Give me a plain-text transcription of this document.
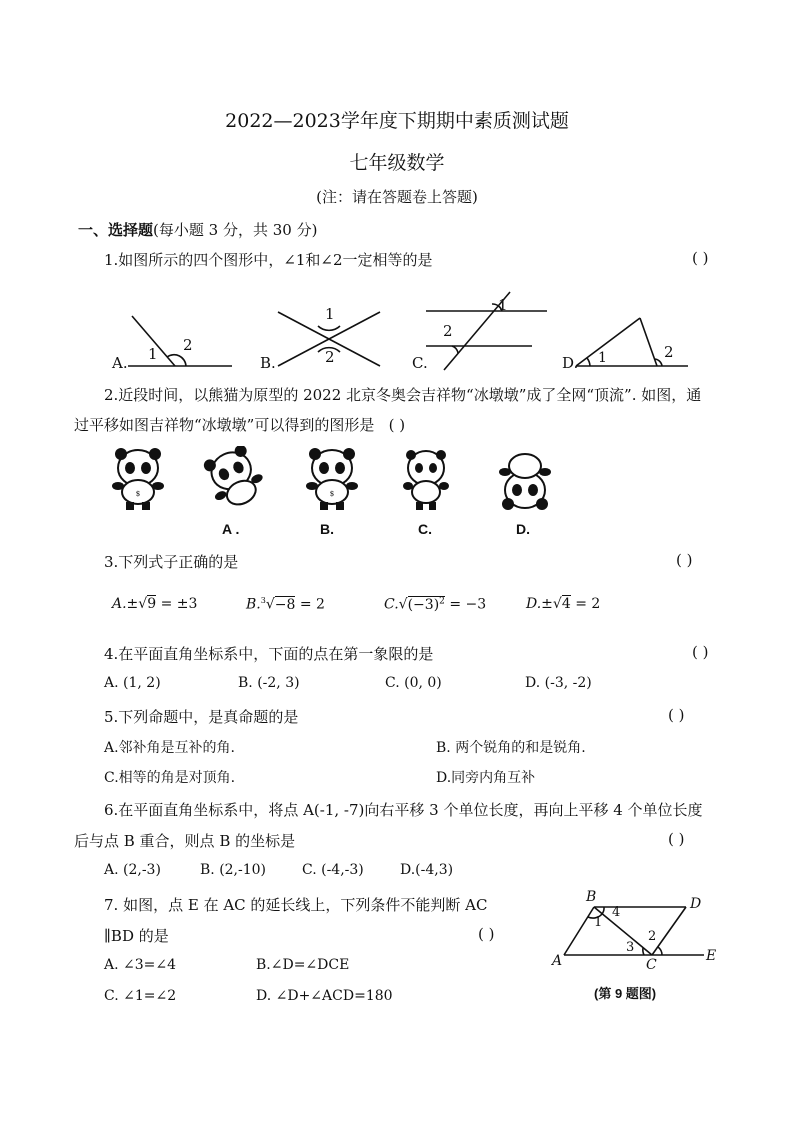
2022—2023学年度下期期中素质测试题
七年级数学
(注：请在答题卷上答题)
一、选择题(每小题 3 分，共 30 分)
1.如图所示的四个图形中，∠1和∠2一定相等的是	( )
A. 1 2
B.
1
2	C.
1
2
D. 1	2
2.近段时间，以熊猫为原型的 2022 北京冬奥会吉祥物“冰墩墩”成了全网“顶流”. 如图，通
过平移如图吉祥物“冰墩墩”可以得到的图形是 ( )
$	$
A .	B.	C.	D.
3.下列式子正确的是	( )
A.±√9 = ±3	B.$^3$√−8 = 2	$C.√(-3)^2 = -3$	D.±√4 = 2
4.在平面直角坐标系中，下面的点在第一象限的是	( )
A. (1, 2)	B. (-2, 3)	C. (0, 0)	D. (-3, -2)
5.下列命题中，是真命题的是	( )
A.邻补角是互补的角.	B. 两个锐角的和是锐角.
C.相等的角是对顶角.	D.同旁内角互补
6.在平面直角坐标系中，将点 A(-1, -7)向右平移 3 个单位长度，再向上平移 4 个单位长度
后与点 B 重合，则点 B 的坐标是	( )
A. (2,-3)	B. (2,-10)	C. (-4,-3)	D.(-4,3)
7. 如图，点 E 在 AC 的延长线上，下列条件不能判断 AC
∥BD 的是	( )
A. ∠3=∠4	B.∠D=∠DCE
C. ∠1=∠2	D. ∠D+∠ACD=180
B	D
A	C
E
1
4
3
2
(第 9 题图)
